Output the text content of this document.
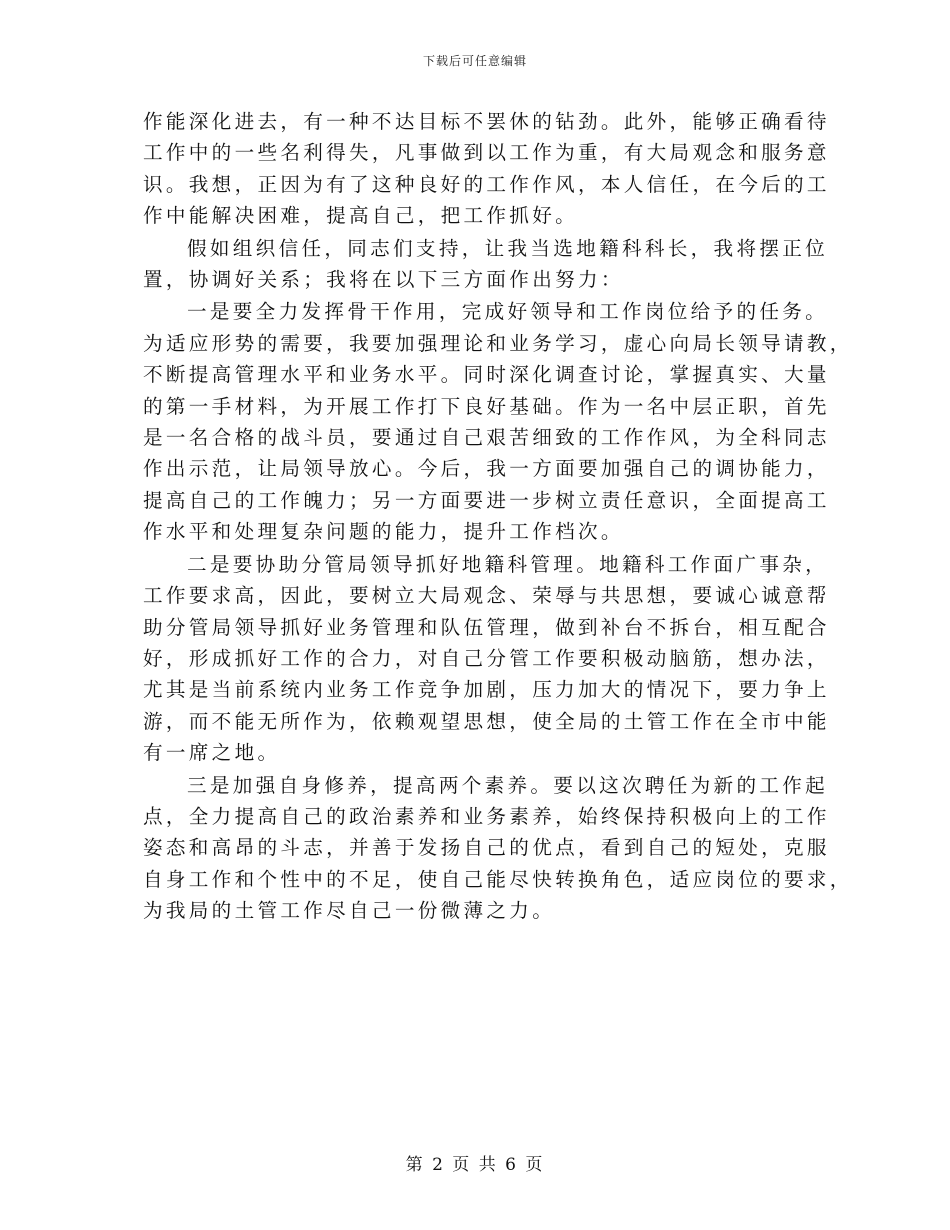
下载后可任意编辑

作能深化进去，有一种不达目标不罢休的钻劲。此外，能够正确看待
工作中的一些名利得失，凡事做到以工作为重，有大局观念和服务意
识。我想，正因为有了这种良好的工作作风，本人信任，在今后的工
作中能解决困难，提高自己，把工作抓好。

假如组织信任，同志们支持，让我当选地籍科科长，我将摆正位
置，协调好关系；我将在以下三方面作出努力：

一是要全力发挥骨干作用，完成好领导和工作岗位给予的任务。
为适应形势的需要，我要加强理论和业务学习，虚心向局长领导请教，
不断提高管理水平和业务水平。同时深化调查讨论，掌握真实、大量
的第一手材料，为开展工作打下良好基础。作为一名中层正职，首先
是一名合格的战斗员，要通过自己艰苦细致的工作作风，为全科同志
作出示范，让局领导放心。今后，我一方面要加强自己的调协能力，
提高自己的工作魄力；另一方面要进一步树立责任意识，全面提高工
作水平和处理复杂问题的能力，提升工作档次。

二是要协助分管局领导抓好地籍科管理。地籍科工作面广事杂，
工作要求高，因此，要树立大局观念、荣辱与共思想，要诚心诚意帮
助分管局领导抓好业务管理和队伍管理，做到补台不拆台，相互配合
好，形成抓好工作的合力，对自己分管工作要积极动脑筋，想办法，
尤其是当前系统内业务工作竞争加剧，压力加大的情况下，要力争上
游，而不能无所作为，依赖观望思想，使全局的土管工作在全市中能
有一席之地。

三是加强自身修养，提高两个素养。要以这次聘任为新的工作起
点，全力提高自己的政治素养和业务素养，始终保持积极向上的工作
姿态和高昂的斗志，并善于发扬自己的优点，看到自己的短处，克服
自身工作和个性中的不足，使自己能尽快转换角色，适应岗位的要求，
为我局的土管工作尽自己一份微薄之力。

第 2 页 共 6 页
